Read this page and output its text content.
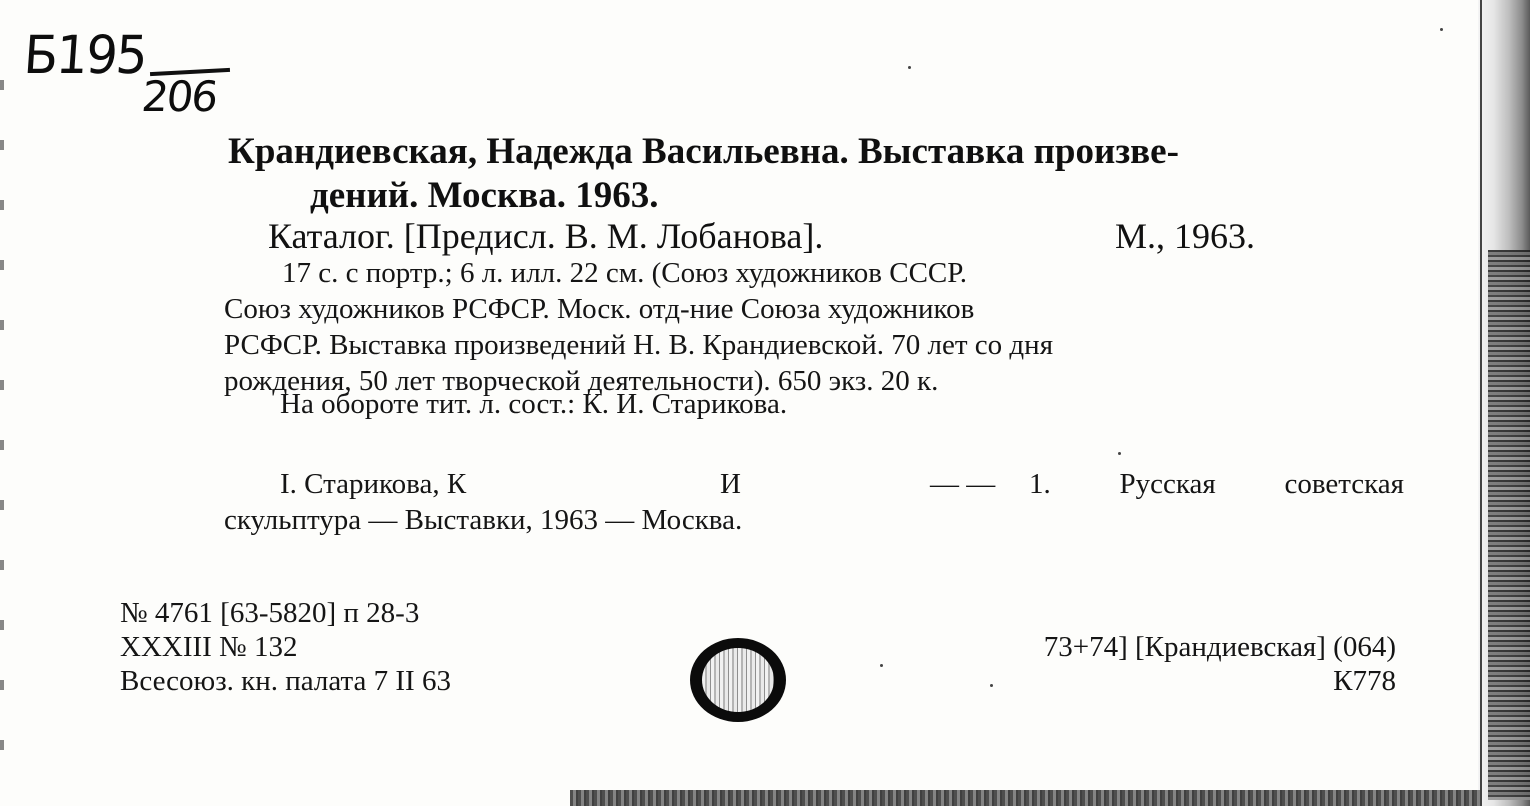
Б195
206
Крандиевская, Надежда Васильевна. Выставка произве-
дений. Москва. 1963.
Каталог. [Предисл. В. М. Лобанова].	М., 1963.
17 с. с портр.; 6 л. илл. 22 см. (Союз художников СССР.
Союз художников РСФСР. Моск. отд-ние Союза художников
РСФСР. Выставка произведений Н. В. Крандиевской. 70 лет со дня
рождения, 50 лет творческой деятельности). 650 экз. 20 к.
На обороте тит. л. сост.: К. И. Старикова.
I. Старикова, К	И	— — 1. Русская советская
скульптура — Выставки, 1963 — Москва.
№ 4761 [63-5820] п 28-3
XXXIII № 132
Всесоюз. кн. палата 7 II 63
73+74] [Крандиевская] (064)
К778
